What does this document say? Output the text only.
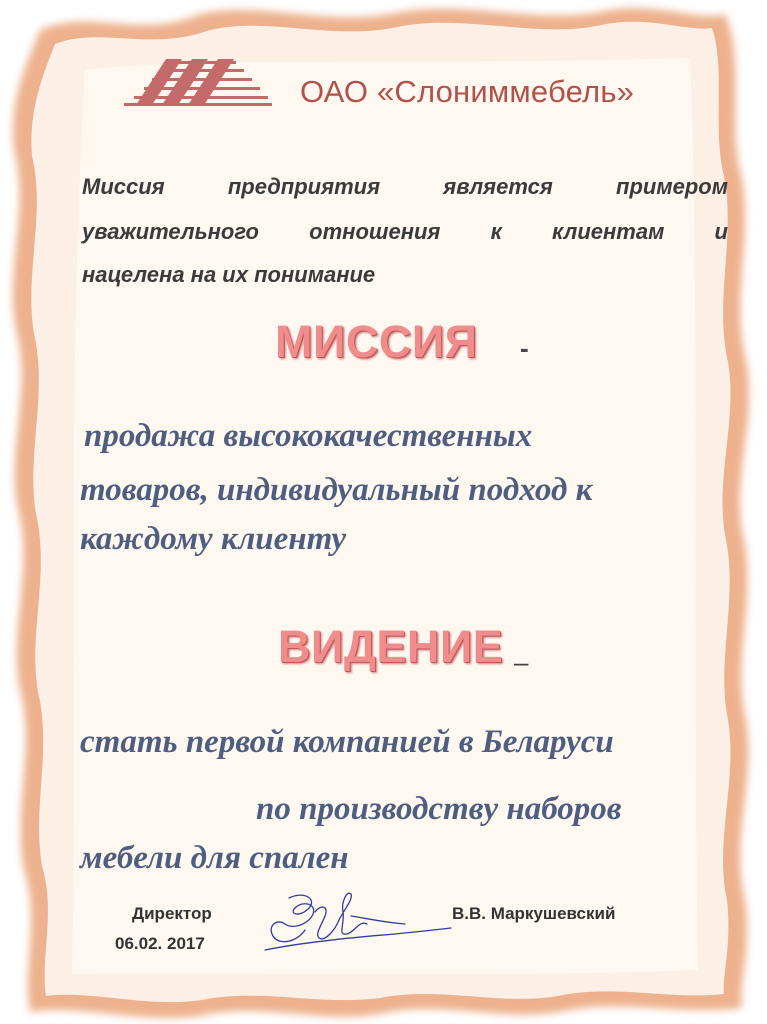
ОАО «Слониммебель»
Миссия предприятия является примером
уважительного отношения к клиентам и
нацелена на их понимание
МИССИЯ -
продажа высококачественных
товаров, индивидуальный подход к
каждому клиенту
ВИДЕНИЕ –
стать первой компанией в Беларуси
по производству наборов
мебели для спален
Директор
06.02. 2017
В.В. Маркушевский
